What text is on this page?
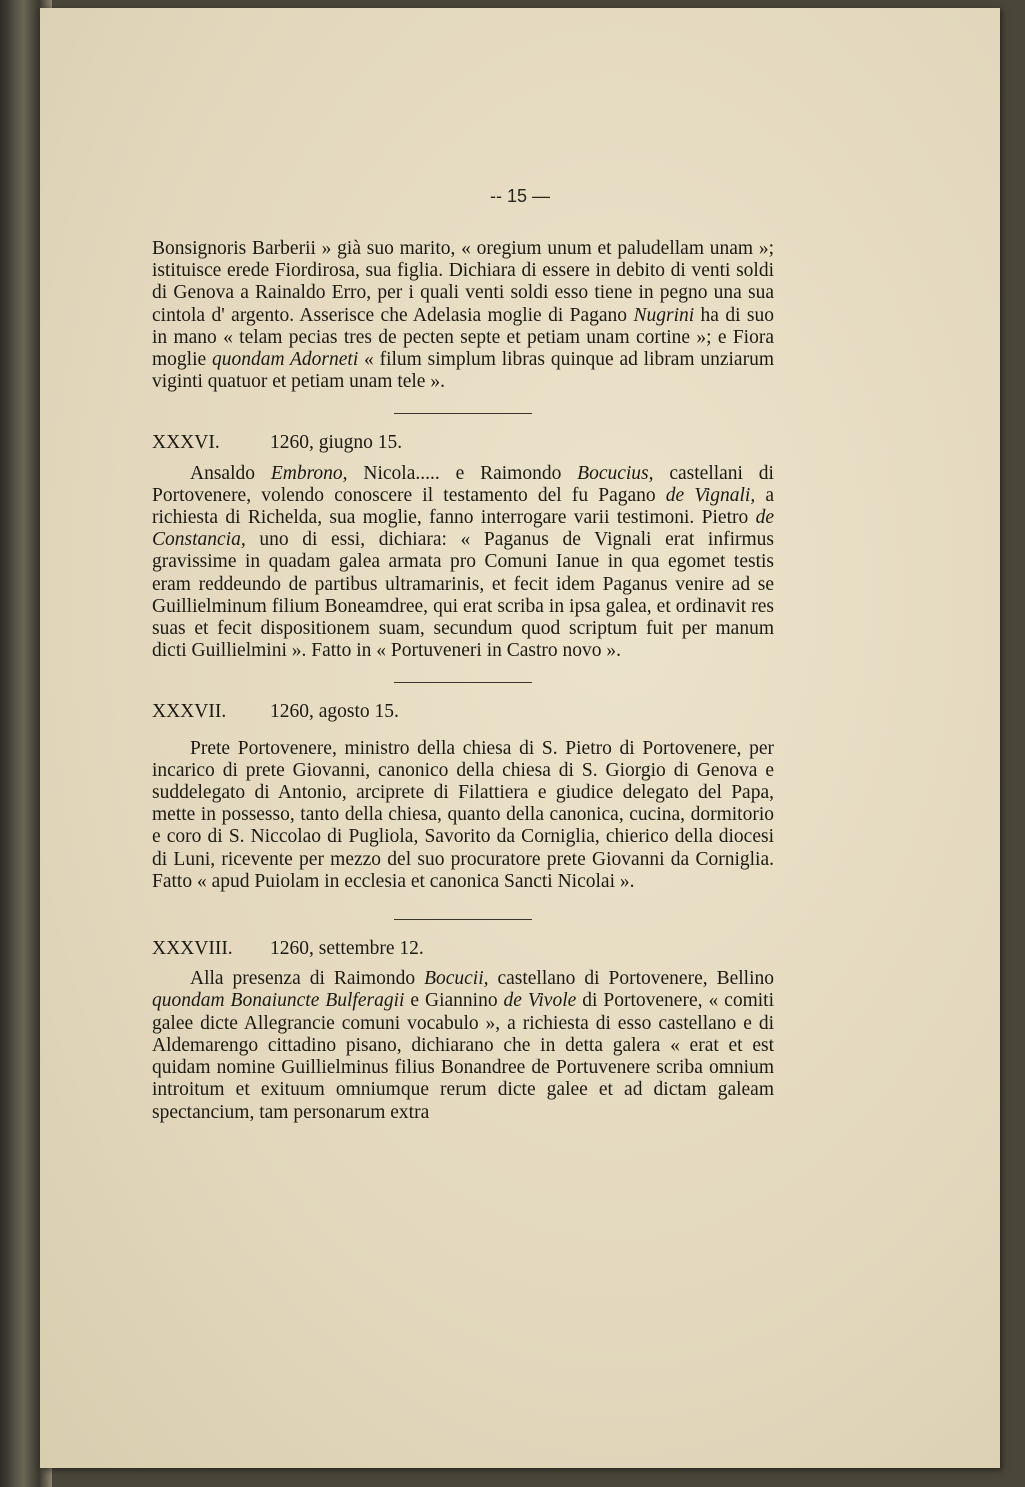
-- 15 —

Bonsignoris Barberii » già suo marito, « oregium unum et paludellam unam »; istituisce erede Fiordirosa, sua figlia. Dichiara di essere in debito di venti soldi di Genova a Rainaldo Erro, per i quali venti soldi esso tiene in pegno una sua cintola d' argento. Asserisce che Adelasia moglie di Pagano Nugrini ha di suo in mano « telam pecias tres de pecten septe et petiam unam cortine »; e Fiora moglie quondam Adorneti « filum simplum libras quinque ad libram unziarum viginti quatuor et petiam unam tele ».

XXXVI.	1260, giugno 15.

Ansaldo Embrono, Nicola..... e Raimondo Bocucius, castellani di Portovenere, volendo conoscere il testamento del fu Pagano de Vignali, a richiesta di Richelda, sua moglie, fanno interrogare varii testimoni. Pietro de Constancia, uno di essi, dichiara: « Paganus de Vignali erat infirmus gravissime in quadam galea armata pro Comuni Ianue in qua egomet testis eram reddeundo de partibus ultramarinis, et fecit idem Paganus venire ad se Guillielminum filium Boneamdree, qui erat scriba in ipsa galea, et ordinavit res suas et fecit dispositionem suam, secundum quod scriptum fuit per manum dicti Guillielmini ». Fatto in « Portuveneri in Castro novo ».

XXXVII. 1260, agosto 15.

Prete Portovenere, ministro della chiesa di S. Pietro di Portovenere, per incarico di prete Giovanni, canonico della chiesa di S. Giorgio di Genova e suddelegato di Antonio, arciprete di Filattiera e giudice delegato del Papa, mette in possesso, tanto della chiesa, quanto della canonica, cucina, dormitorio e coro di S. Niccolao di Pugliola, Savorito da Corniglia, chierico della diocesi di Luni, ricevente per mezzo del suo procuratore prete Giovanni da Corniglia. Fatto « apud Puiolam in ecclesia et canonica Sancti Nicolai ».

XXXVIII. 1260, settembre 12.

Alla presenza di Raimondo Bocucii, castellano di Portovenere, Bellino quondam Bonaiuncte Bulferagii e Giannino de Vivole di Portovenere, « comiti galee dicte Allegrancie comuni vocabulo », a richiesta di esso castellano e di Aldemarengo cittadino pisano, dichiarano che in detta galera « erat et est quidam nomine Guillielminus filius Bonandree de Portuvenere scriba omnium introitum et exituum omniumque rerum dicte galee et ad dictam galeam spectancium, tam personarum extra
